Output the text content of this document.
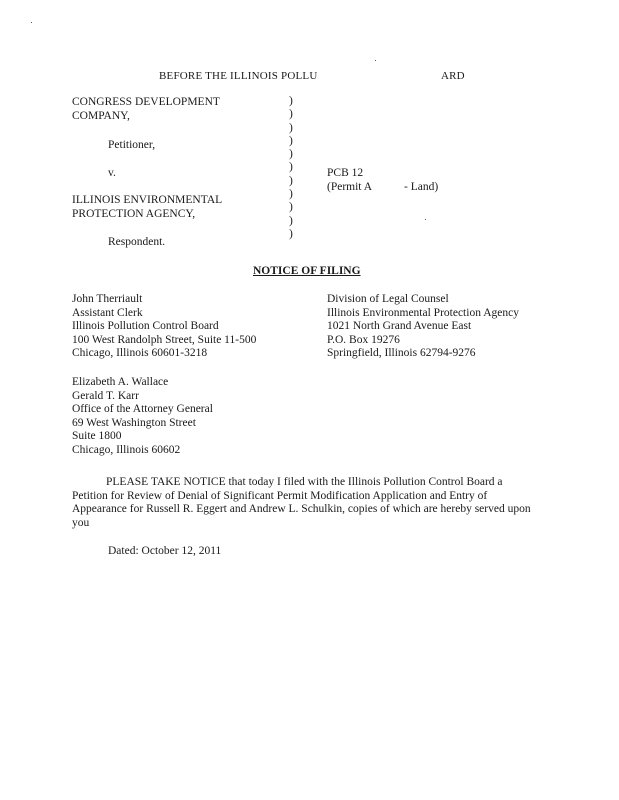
BEFORE THE ILLINOIS POLLU	ARD
CONGRESS DEVELOPMENT
COMPANY,
Petitioner,
v.
ILLINOIS ENVIRONMENTAL
PROTECTION AGENCY,
Respondent.
)
)
)
)
)
)
)
)
)
)
)
PCB 12
(Permit A	- Land)
NOTICE OF FILING
John Therriault
Assistant Clerk
Illinois Pollution Control Board
100 West Randolph Street, Suite 11-500
Chicago, Illinois 60601-3218
Division of Legal Counsel
Illinois Environmental Protection Agency
1021 North Grand Avenue East
P.O. Box 19276
Springfield, Illinois 62794-9276
Elizabeth A. Wallace
Gerald T. Karr
Office of the Attorney General
69 West Washington Street
Suite 1800
Chicago, Illinois 60602
PLEASE TAKE NOTICE that today I filed with the Illinois Pollution Control Board a Petition for Review of Denial of Significant Permit Modification Application and Entry of Appearance for Russell R. Eggert and Andrew L. Schulkin, copies of which are hereby served upon you
Dated: October 12, 2011
